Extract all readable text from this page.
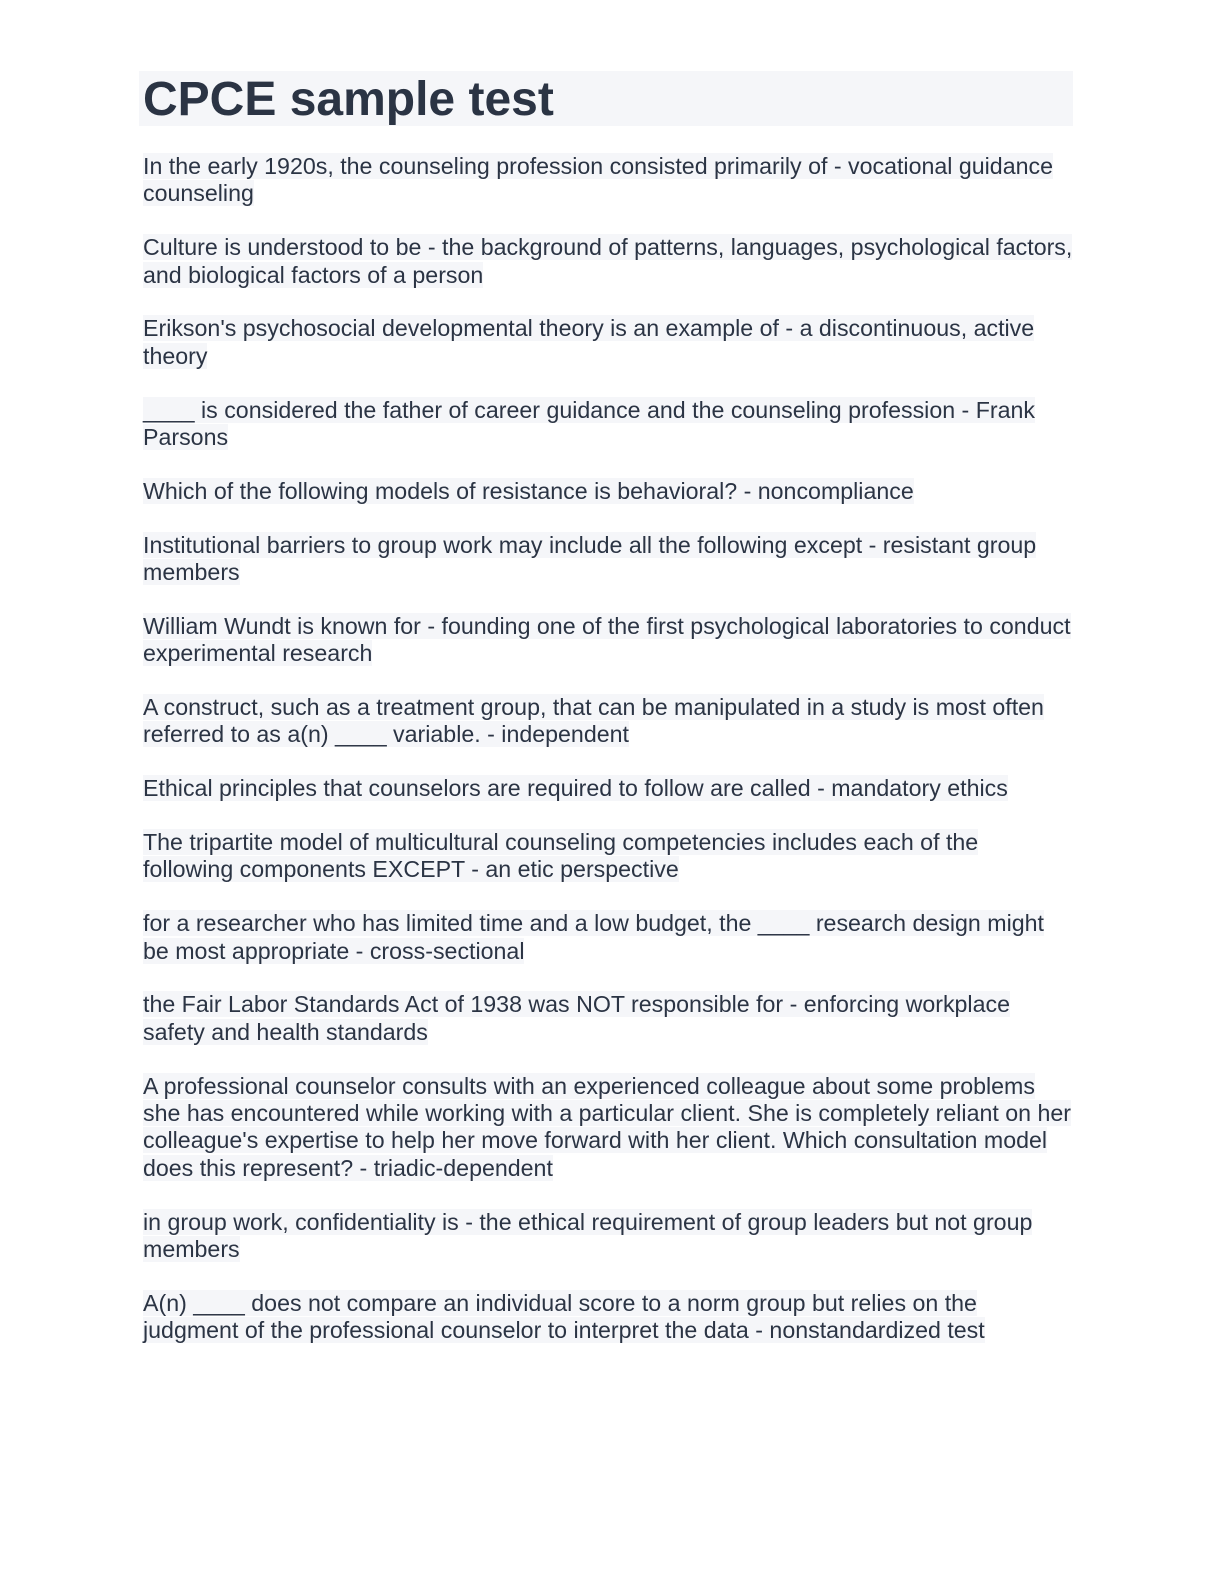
CPCE sample test
In the early 1920s, the counseling profession consisted primarily of - vocational guidance counseling
Culture is understood to be - the background of patterns, languages, psychological factors, and biological factors of a person
Erikson's psychosocial developmental theory is an example of - a discontinuous, active theory
____ is considered the father of career guidance and the counseling profession - Frank Parsons
Which of the following models of resistance is behavioral? - noncompliance
Institutional barriers to group work may include all the following except - resistant group members
William Wundt is known for - founding one of the first psychological laboratories to conduct experimental research
A construct, such as a treatment group, that can be manipulated in a study is most often referred to as a(n) ____ variable. - independent
Ethical principles that counselors are required to follow are called - mandatory ethics
The tripartite model of multicultural counseling competencies includes each of the following components EXCEPT - an etic perspective
for a researcher who has limited time and a low budget, the ____ research design might be most appropriate - cross-sectional
the Fair Labor Standards Act of 1938 was NOT responsible for - enforcing workplace safety and health standards
A professional counselor consults with an experienced colleague about some problems she has encountered while working with a particular client. She is completely reliant on her colleague's expertise to help her move forward with her client. Which consultation model does this represent? - triadic-dependent
in group work, confidentiality is - the ethical requirement of group leaders but not group members
A(n) ____ does not compare an individual score to a norm group but relies on the judgment of the professional counselor to interpret the data - nonstandardized test
